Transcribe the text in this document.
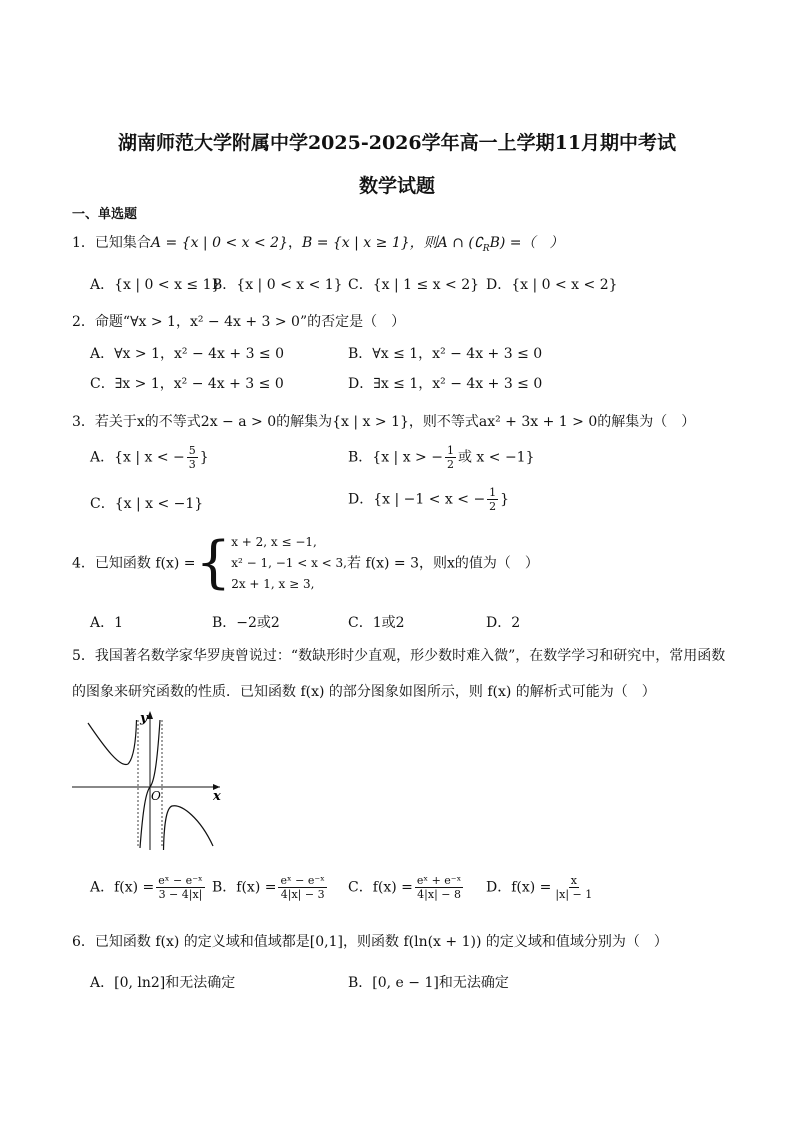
湖南师范大学附属中学2025-2026学年高一上学期11月期中考试
数学试题
一、单选题
1．已知集合A = {x | 0 < x < 2}，B = {x | x ≥ 1}，则A ∩ $(∁_RB)$ =（　）
A．{x | 0 < x ≤ 1}
B．{x | 0 < x < 1} C．{x | 1 ≤ x < 2} D．{x | 0 < x < 2}
2．命题“∀x > 1，x² − 4x + 3 > 0”的否定是（　）
A．∀x > 1，x² − 4x + 3 ≤ 0	B．∀x ≤ 1，x² − 4x + 3 ≤ 0
C．∃x > 1，x² − 4x + 3 ≤ 0	D．∃x ≤ 1，x² − 4x + 3 ≤ 0
3．若关于x的不等式2x − a > 0的解集为{x | x > 1}，则不等式ax² + 3x + 1 > 0的解集为（　）
A．{x | x < − $\frac{5}{3}$ }	B．{x | x > − $\frac{1}{2}$ 或 x < −1}
C．{x | x < −1}	D．{x | −1 < x < − $\frac{1}{2}$ }
4．已知函数 f(x) ={ x + 2, x ≤ −1,
x² − 1, −1 < x < 3,
2x + 1, x ≥ 3,
若 f(x) = 3，则x的值为（　）
A．1	B．−2或2	C．1或2	D．2
5．我国著名数学家华罗庚曾说过：“数缺形时少直观，形少数时难入微”，在数学学习和研究中，常用函数
的图象来研究函数的性质．已知函数 f(x) 的部分图象如图所示，则 f(x) 的解析式可能为（　）
y
x
O
A．$f(x) = \frac{\text{eˣ − e⁻ˣ}}{3 - 4|x|}$ B．$f(x) = \frac{\text{eˣ − e⁻ˣ}}{4|x| - 3}$ C．$f(x) = \frac{\text{eˣ + e⁻ˣ}}{4|x| - 8}$ D．$f(x) = \frac{x}{|x| - 1}$
6．已知函数 f(x) 的定义域和值域都是[0,1]，则函数 f(ln(x + 1)) 的定义域和值域分别为（　）
A．[0, ln2]和无法确定	B．[0, e − 1]和无法确定
